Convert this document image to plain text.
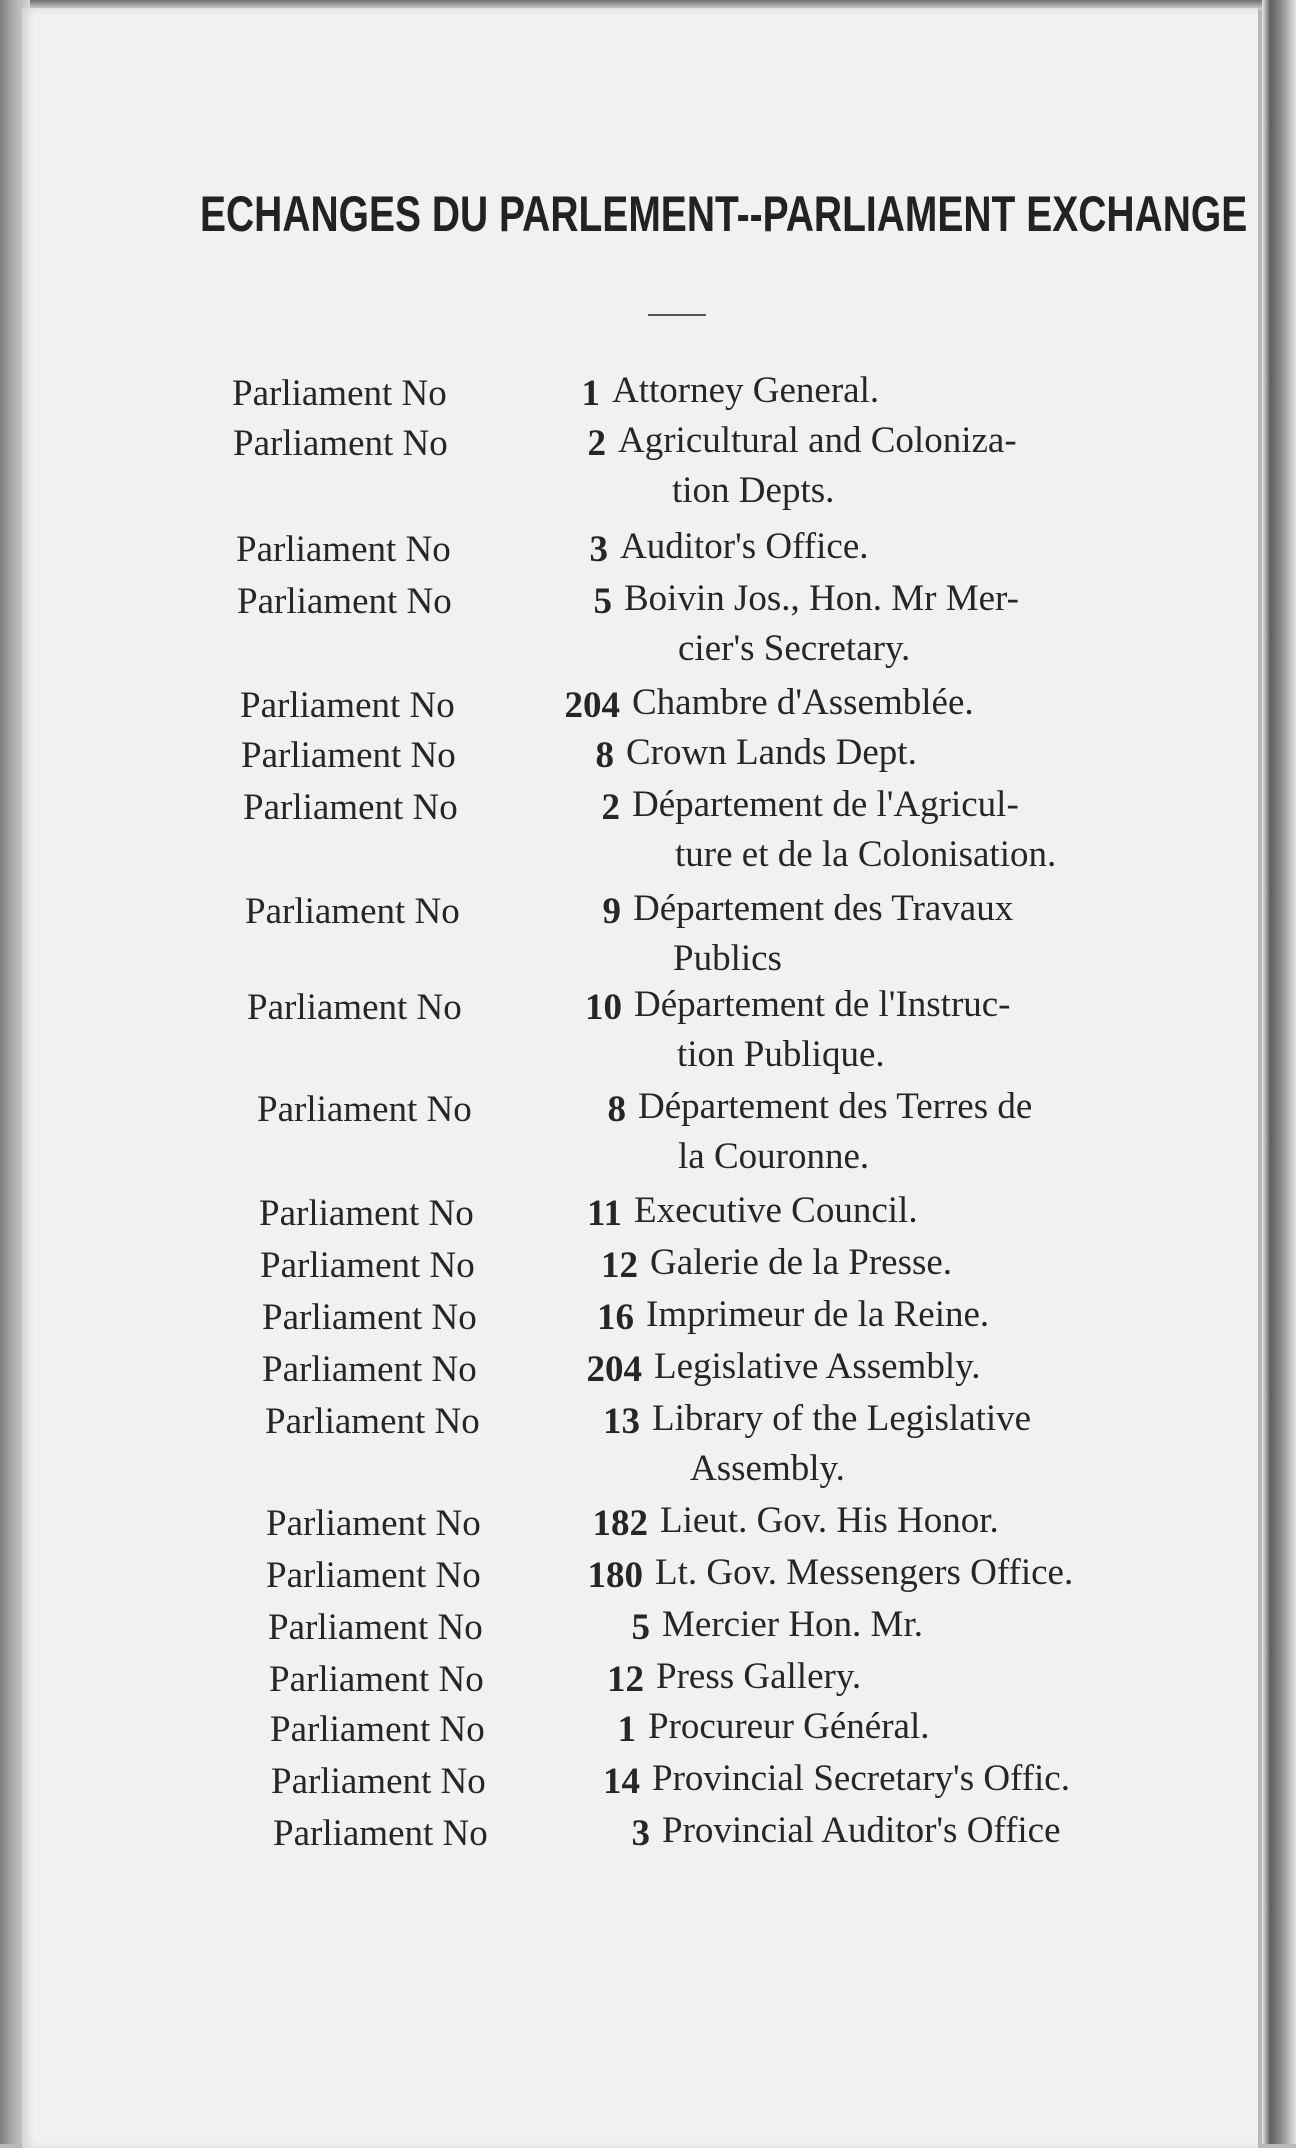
ECHANGES DU PARLEMENT--PARLIAMENT EXCHANGE
Parliament No	1 Attorney General.
Parliament No	2 Agricultural and Coloniza-
tion Depts.
Parliament No	3 Auditor's Office.
Parliament No	5 Boivin Jos., Hon. Mr Mer-
cier's Secretary.
Parliament No	204 Chambre d'Assemblée.
Parliament No	8 Crown Lands Dept.
Parliament No	2 Département de l'Agricul-
ture et de la Colonisation.
Parliament No	9 Département des Travaux
Publics
Parliament No	10 Département de l'Instruc-
tion Publique.
Parliament No	8 Département des Terres de
la Couronne.
Parliament No	11 Executive Council.
Parliament No	12 Galerie de la Presse.
Parliament No	16 Imprimeur de la Reine.
Parliament No	204 Legislative Assembly.
Parliament No	13 Library of the Legislative
Assembly.
Parliament No	182 Lieut. Gov. His Honor.
Parliament No	180 Lt. Gov. Messengers Office.
Parliament No	5 Mercier Hon. Mr.
Parliament No	12 Press Gallery.
Parliament No	1 Procureur Général.
Parliament No	14 Provincial Secretary's Offic.
Parliament No	3 Provincial Auditor's Office
